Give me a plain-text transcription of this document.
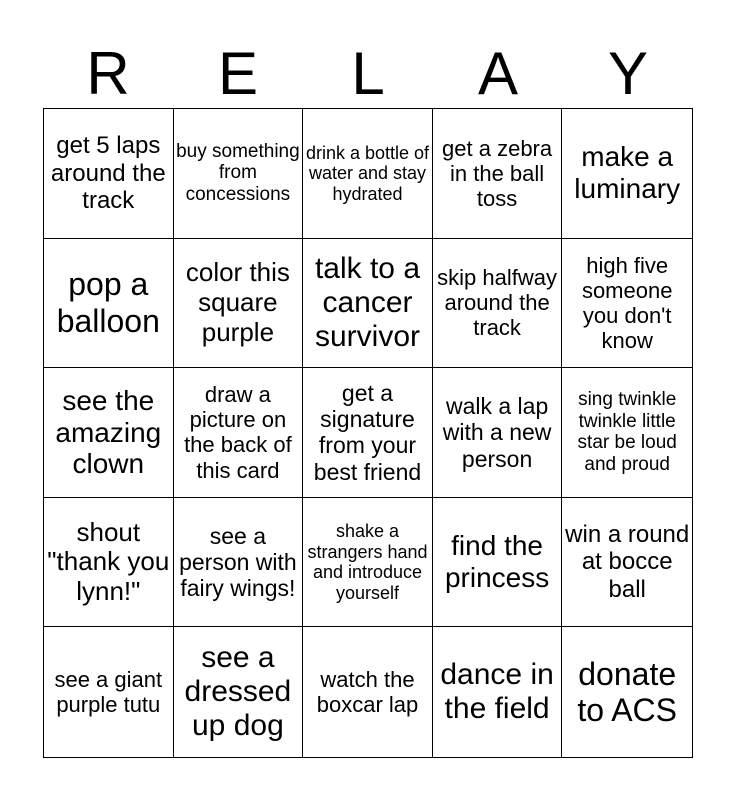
R	E	L	A	Y
get 5 laps around the track
buy something from concessions
drink a bottle of water and stay hydrated
get a zebra in the ball toss
make a luminary
pop a balloon
color this square purple
talk to a cancer survivor
skip halfway around the track
high five someone you don't know
see the amazing clown
draw a picture on the back of this card
get a signature from your best friend
walk a lap with a new person
sing twinkle twinkle little star be loud and proud
shout "thank you lynn!"
see a person with fairy wings!
shake a strangers hand and introduce yourself
find the princess
win a round at bocce ball
see a giant purple tutu
see a dressed up dog
watch the boxcar lap
dance in the field
donate to ACS
